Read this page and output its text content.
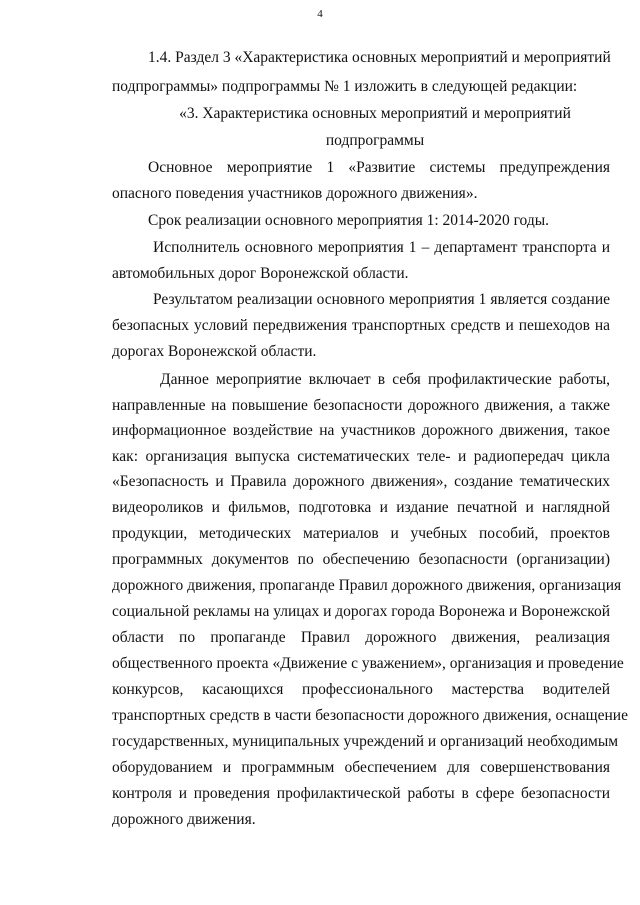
4
1.4. Раздел 3 «Характеристика основных мероприятий и мероприятий
подпрограммы» подпрограммы № 1 изложить в следующей редакции:
«3. Характеристика основных мероприятий и мероприятий
подпрограммы
Основное мероприятие 1 «Развитие системы предупреждения
опасного поведения участников дорожного движения».
Срок реализации основного мероприятия 1: 2014-2020 годы.
Исполнитель основного мероприятия 1 – департамент транспорта и
автомобильных дорог Воронежской области.
Результатом реализации основного мероприятия 1 является создание
безопасных условий передвижения транспортных средств и пешеходов на
дорогах Воронежской области.
Данное мероприятие включает в себя профилактические работы,
направленные на повышение безопасности дорожного движения, а также
информационное воздействие на участников дорожного движения, такое
как: организация выпуска систематических теле- и радиопередач цикла
«Безопасность и Правила дорожного движения», создание тематических
видеороликов и фильмов, подготовка и издание печатной и наглядной
продукции, методических материалов и учебных пособий, проектов
программных документов по обеспечению безопасности (организации)
дорожного движения, пропаганде Правил дорожного движения, организация
социальной рекламы на улицах и дорогах города Воронежа и Воронежской
области по пропаганде Правил дорожного движения, реализация
общественного проекта «Движение с уважением», организация и проведение
конкурсов, касающихся профессионального мастерства водителей
транспортных средств в части безопасности дорожного движения, оснащение
государственных, муниципальных учреждений и организаций необходимым
оборудованием и программным обеспечением для совершенствования
контроля и проведения профилактической работы в сфере безопасности
дорожного движения.
